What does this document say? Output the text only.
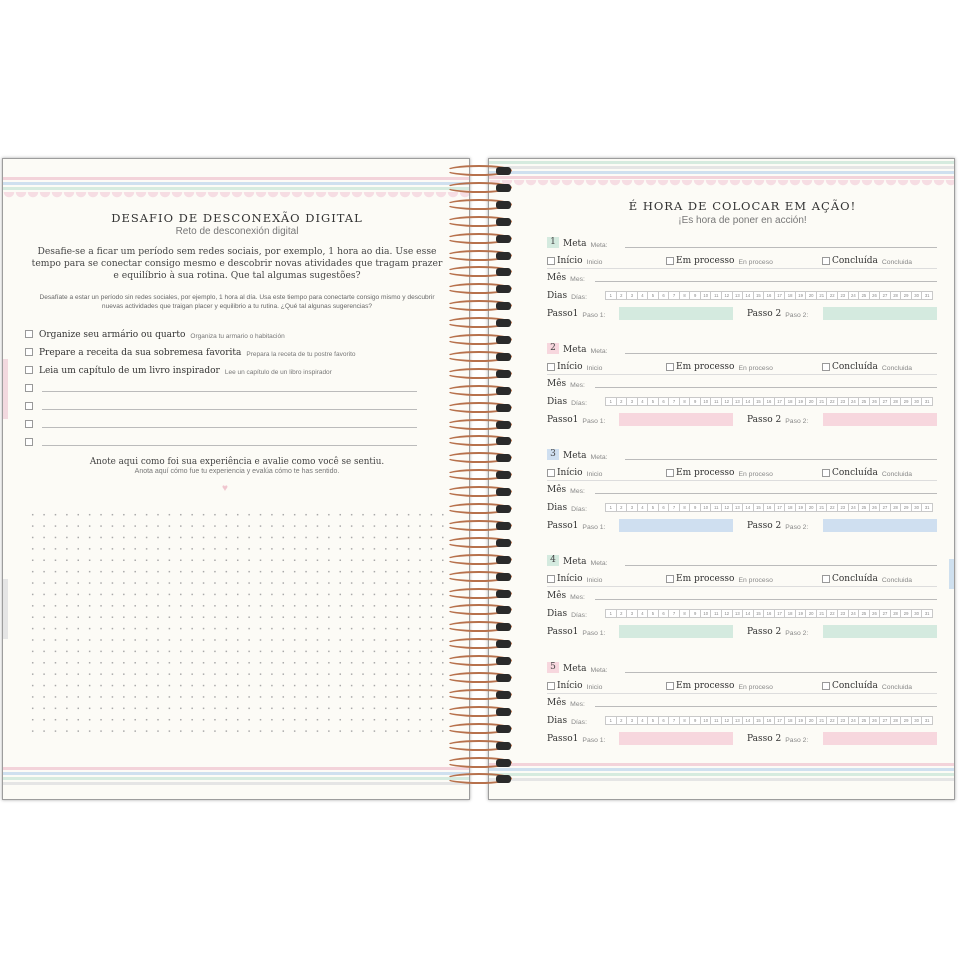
DESAFIO DE DESCONEXÃO DIGITAL
Reto de desconexión digital
Desafie-se a ficar um período sem redes sociais, por exemplo, 1 hora ao dia. Use esse tempo para se conectar consigo mesmo e descobrir novas atividades que tragam prazer e equilíbrio à sua rotina. Que tal algumas sugestões?
Desafíate a estar un período sin redes sociales, por ejemplo, 1 hora al día. Usa este tiempo para conectarte consigo mismo y descubrir nuevas actividades que traigan placer y equilibrio a tu rutina. ¿Qué tal algunas sugerencias?
Organize seu armário ou quarto Organiza tu armario o habitación
Prepare a receita da sua sobremesa favorita Prepara la receta de tu postre favorito
Leia um capítulo de um livro inspirador Lee un capítulo de un libro inspirador
Anote aqui como foi sua experiência e avalie como você se sentiu.
Anota aquí cómo fue tu experiencia y evalúa cómo te has sentido.
♥
É HORA DE COLOCAR EM AÇÃO!
¡Es hora de poner en acción!
1 Meta Meta:
Início Inicio	Em processo En proceso	Concluída Concluida
Mês Mes:
Dias Días:	1	2	3	4	5	6	7	8	9	10	11	12	13	14	15	16	17	18	19	20	21	22	23	24	25	26	27	28	29	30	31
Passo1 Paso 1:	Passo 2 Paso 2:
2 Meta Meta:
Início Inicio	Em processo En proceso	Concluída Concluida
Mês Mes:
Dias Días:	1	2	3	4	5	6	7	8	9	10	11	12	13	14	15	16	17	18	19	20	21	22	23	24	25	26	27	28	29	30	31
Passo1 Paso 1:	Passo 2 Paso 2:
3 Meta Meta:
Início Inicio	Em processo En proceso	Concluída Concluida
Mês Mes:
Dias Días:	1	2	3	4	5	6	7	8	9	10	11	12	13	14	15	16	17	18	19	20	21	22	23	24	25	26	27	28	29	30	31
Passo1 Paso 1:	Passo 2 Paso 2:
4 Meta Meta:
Início Inicio	Em processo En proceso	Concluída Concluida
Mês Mes:
Dias Días:	1	2	3	4	5	6	7	8	9	10	11	12	13	14	15	16	17	18	19	20	21	22	23	24	25	26	27	28	29	30	31
Passo1 Paso 1:	Passo 2 Paso 2:
5 Meta Meta:
Início Inicio	Em processo En proceso	Concluída Concluida
Mês Mes:
Dias Días:	1	2	3	4	5	6	7	8	9	10	11	12	13	14	15	16	17	18	19	20	21	22	23	24	25	26	27	28	29	30	31
Passo1 Paso 1:	Passo 2 Paso 2:
